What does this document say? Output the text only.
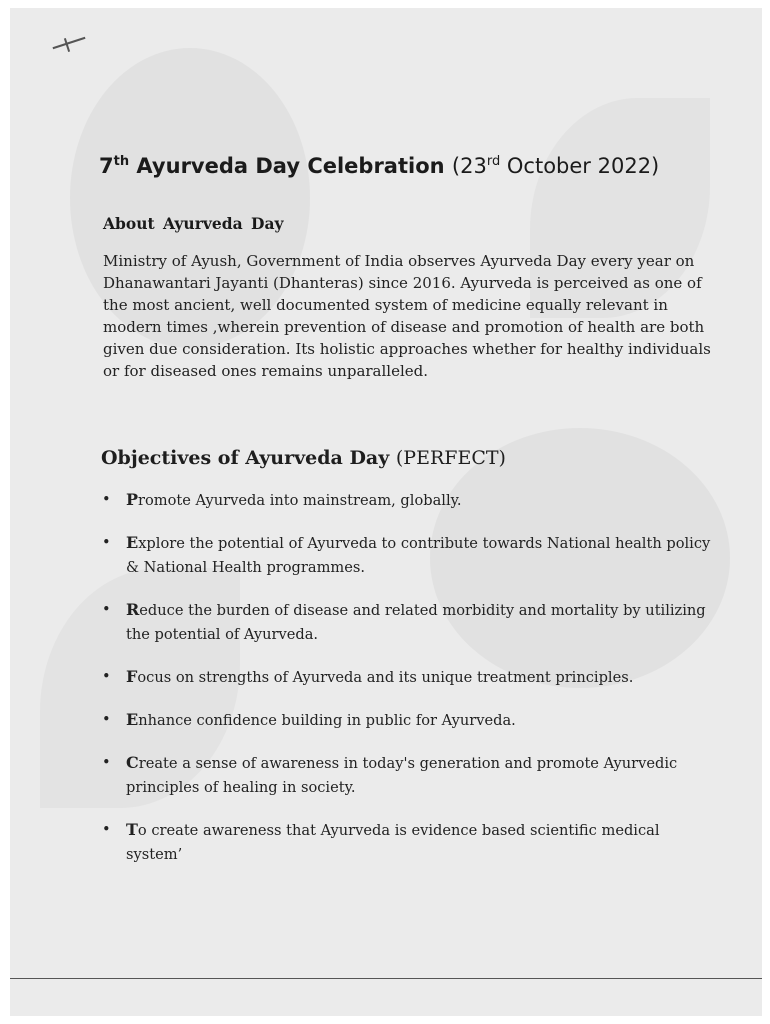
7th Ayurveda Day Celebration (23rd October 2022)
About Ayurveda Day

Ministry of Ayush, Government of India observes Ayurveda Day every year on Dhanawantari Jayanti (Dhanteras) since 2016. Ayurveda is perceived as one of the most ancient, well documented system of medicine equally relevant in modern times ,wherein prevention of disease and promotion of health are both given due consideration. Its holistic approaches whether for healthy individuals or for diseased ones remains unparalleled.

Objectives of Ayurveda Day (PERFECT)
• Promote Ayurveda into mainstream, globally.
• Explore the potential of Ayurveda to contribute towards National health policy & National Health programmes.
• Reduce the burden of disease and related morbidity and mortality by utilizing the potential of Ayurveda.
• Focus on strengths of Ayurveda and its unique treatment principles.
• Enhance confidence building in public for Ayurveda.
• Create a sense of awareness in today's generation and promote Ayurvedic principles of healing in society.
• To create awareness that Ayurveda is evidence based scientific medical system’
